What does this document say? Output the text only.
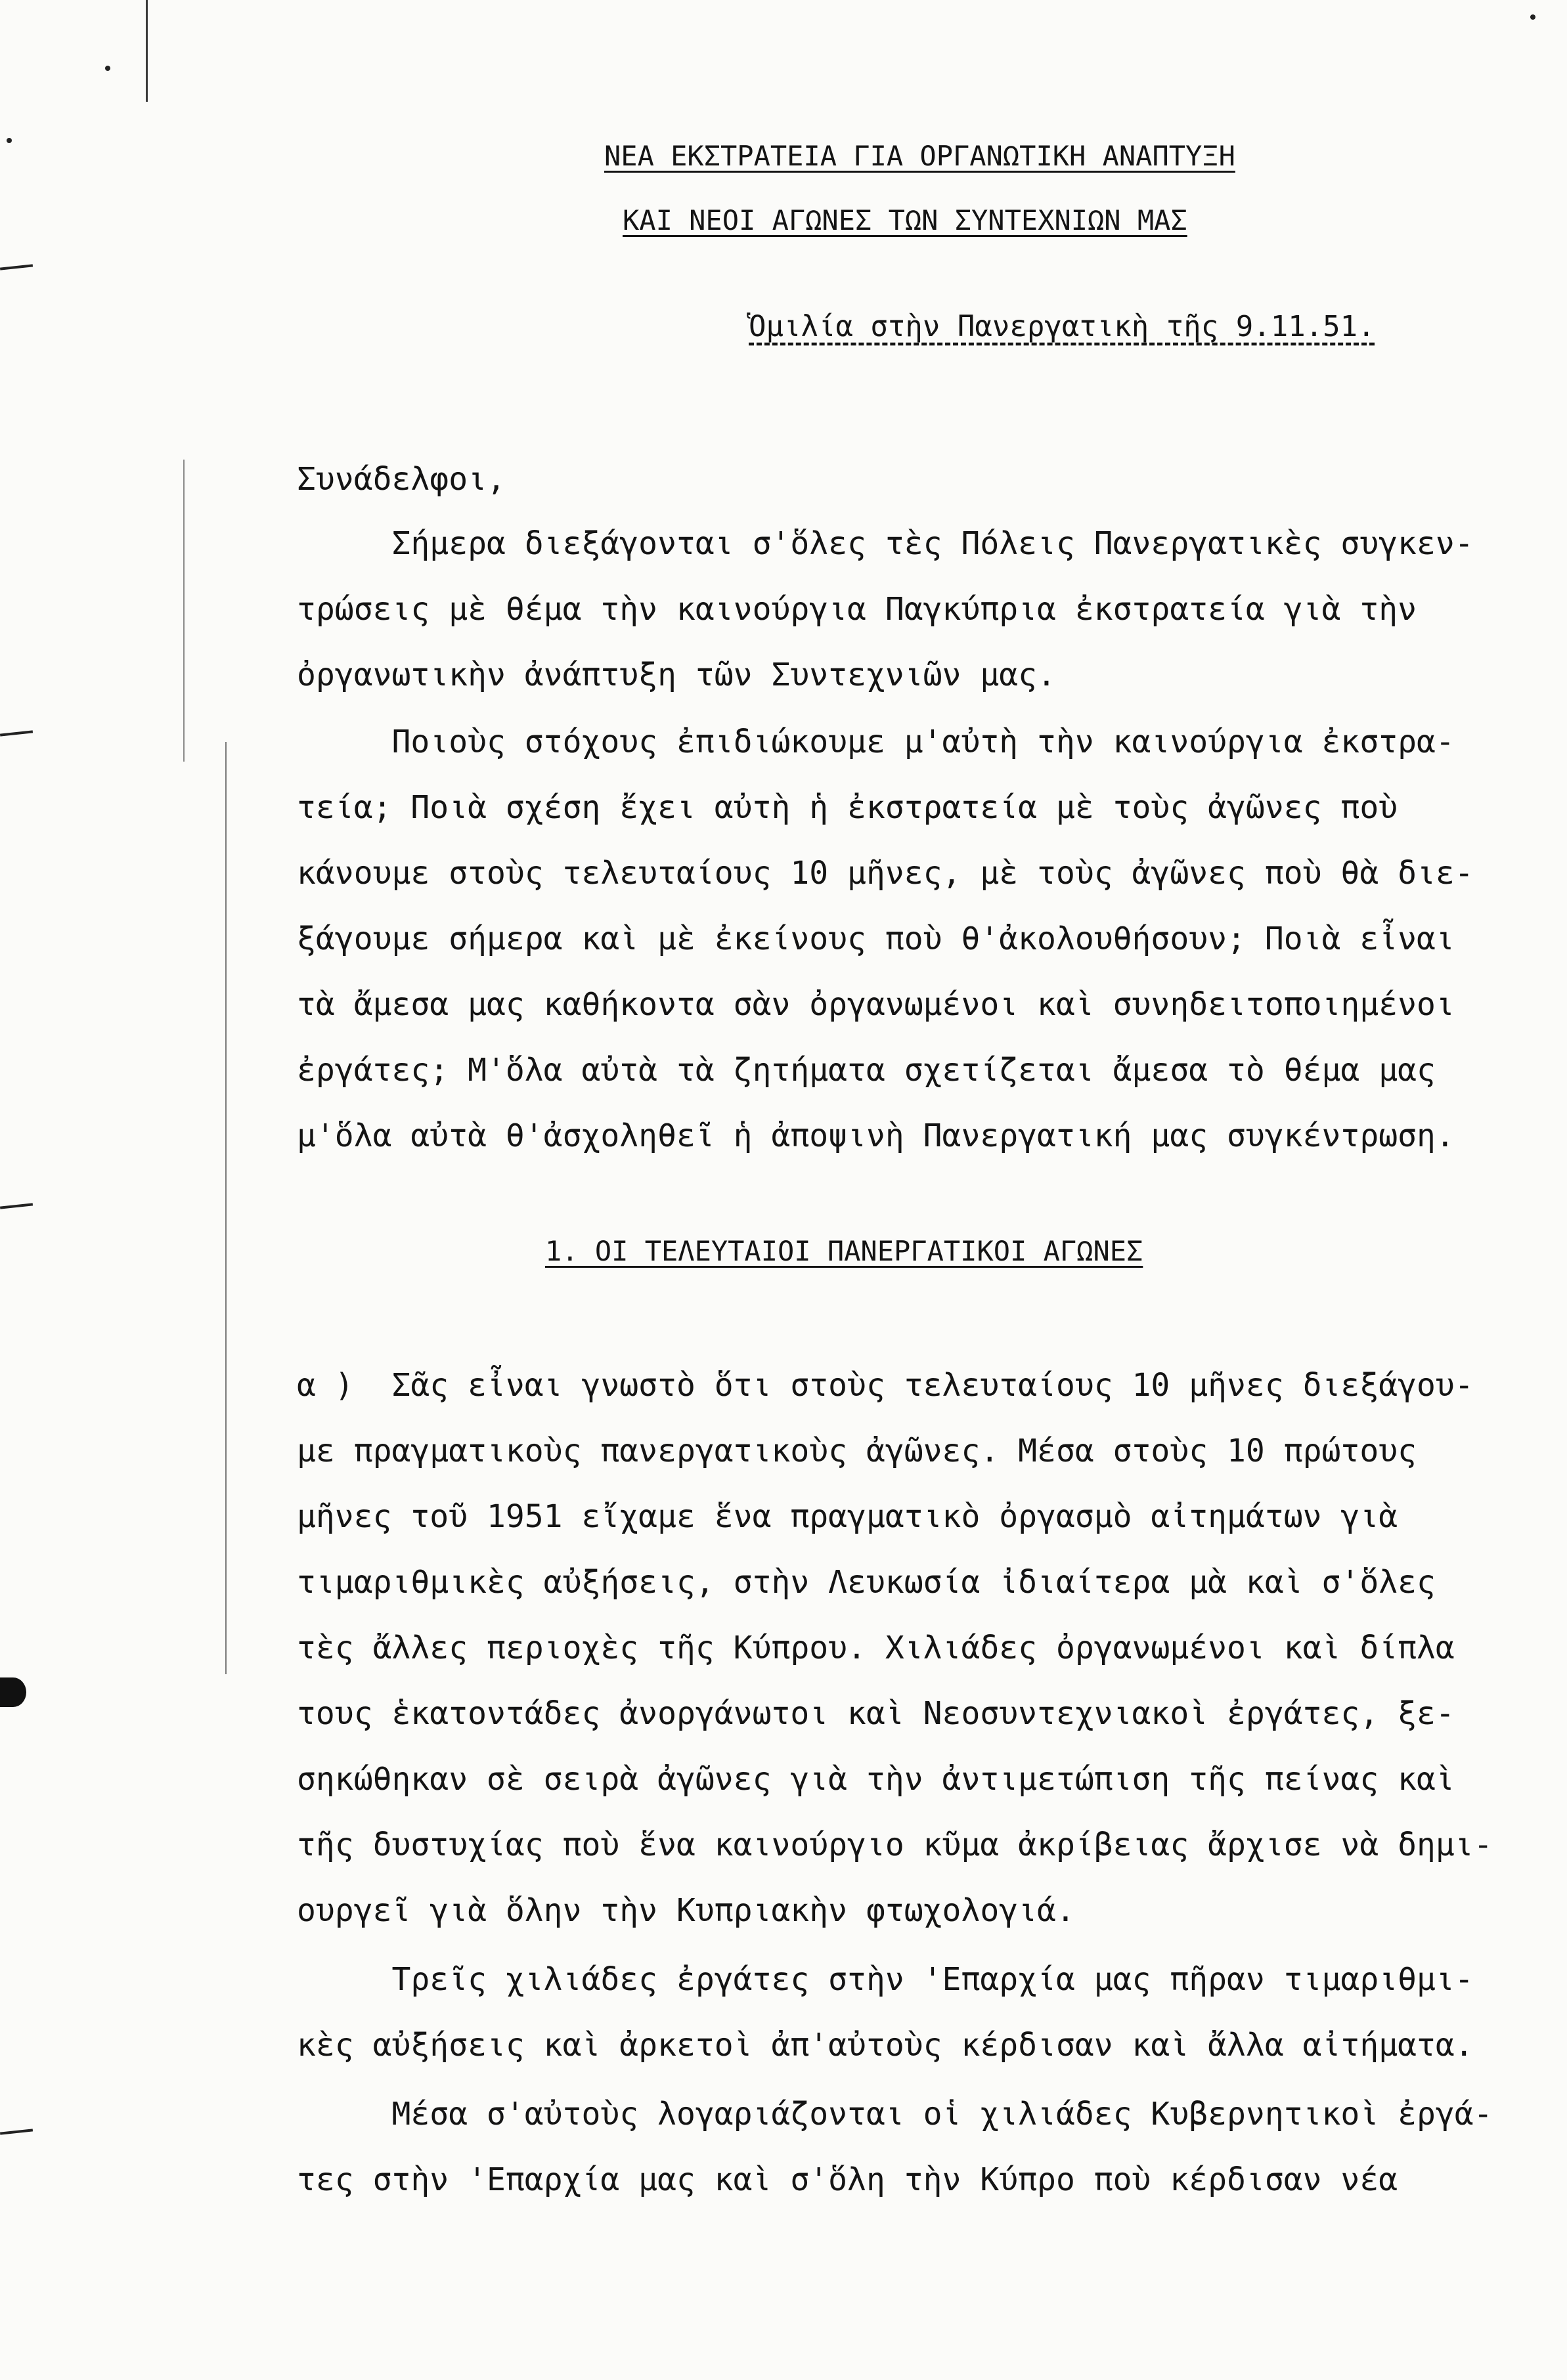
ΝΕΑ ΕΚΣΤΡΑΤΕΙΑ ΓΙΑ ΟΡΓΑΝΩΤΙΚΗ ΑΝΑΠΤΥΞΗ
ΚΑΙ ΝΕΟΙ ΑΓΩΝΕΣ ΤΩΝ ΣΥΝΤΕΧΝΙΩΝ ΜΑΣ
Ὁμιλία στὴν Πανεργατικὴ τῆς 9.11.51.
Συνάδελφοι,
Σήμερα διεξάγονται σ'ὅλες τὲς Πόλεις Πανεργατικὲς συγκεν-
τρώσεις μὲ θέμα τὴν καινούργια Παγκύπρια ἐκστρατεία γιὰ τὴν
ὀργανωτικὴν ἀνάπτυξη τῶν Συντεχνιῶν μας.
Ποιοὺς στόχους ἐπιδιώκουμε μ'αὐτὴ τὴν καινούργια ἐκστρα-
τεία; Ποιὰ σχέση ἔχει αὐτὴ ἡ ἐκστρατεία μὲ τοὺς ἀγῶνες ποὺ
κάνουμε στοὺς τελευταίους 10 μῆνες, μὲ τοὺς ἀγῶνες ποὺ θὰ διε-
ξάγουμε σήμερα καὶ μὲ ἐκείνους ποὺ θ'ἀκολουθήσουν; Ποιὰ εἶναι
τὰ ἄμεσα μας καθήκοντα σὰν ὀργανωμένοι καὶ συνηδειτοποιημένοι
ἐργάτες; Μ'ὅλα αὐτὰ τὰ ζητήματα σχετίζεται ἄμεσα τὸ θέμα μας
μ'ὅλα αὐτὰ θ'ἀσχοληθεῖ ἡ ἀποψινὴ Πανεργατική μας συγκέντρωση.
1. ΟΙ ΤΕΛΕΥΤΑΙΟΙ ΠΑΝΕΡΓΑΤΙΚΟΙ ΑΓΩΝΕΣ
α )  Σᾶς εἶναι γνωστὸ ὅτι στοὺς τελευταίους 10 μῆνες διεξάγου-
με πραγματικοὺς πανεργατικοὺς ἀγῶνες. Μέσα στοὺς 10 πρώτους
μῆνες τοῦ 1951 εἴχαμε ἕνα πραγματικὸ ὀργασμὸ αἰτημάτων γιὰ
τιμαριθμικὲς αὐξήσεις, στὴν Λευκωσία ἰδιαίτερα μὰ καὶ σ'ὅλες
τὲς ἄλλες περιοχὲς τῆς Κύπρου. Χιλιάδες ὀργανωμένοι καὶ δίπλα
τους ἑκατοντάδες ἀνοργάνωτοι καὶ Νεοσυντεχνιακοὶ ἐργάτες, ξε-
σηκώθηκαν σὲ σειρὰ ἀγῶνες γιὰ τὴν ἀντιμετώπιση τῆς πείνας καὶ
τῆς δυστυχίας ποὺ ἕνα καινούργιο κῦμα ἀκρίβειας ἄρχισε νὰ δημι-
ουργεῖ γιὰ ὅλην τὴν Κυπριακὴν φτωχολογιά.
Τρεῖς χιλιάδες ἐργάτες στὴν 'Επαρχία μας πῆραν τιμαριθμι-
κὲς αὐξήσεις καὶ ἀρκετοὶ ἀπ'αὐτοὺς κέρδισαν καὶ ἄλλα αἰτήματα.
Μέσα σ'αὐτοὺς λογαριάζονται οἱ χιλιάδες Κυβερνητικοὶ ἐργά-
τες στὴν 'Επαρχία μας καὶ σ'ὅλη τὴν Κύπρο ποὺ κέρδισαν νέα
